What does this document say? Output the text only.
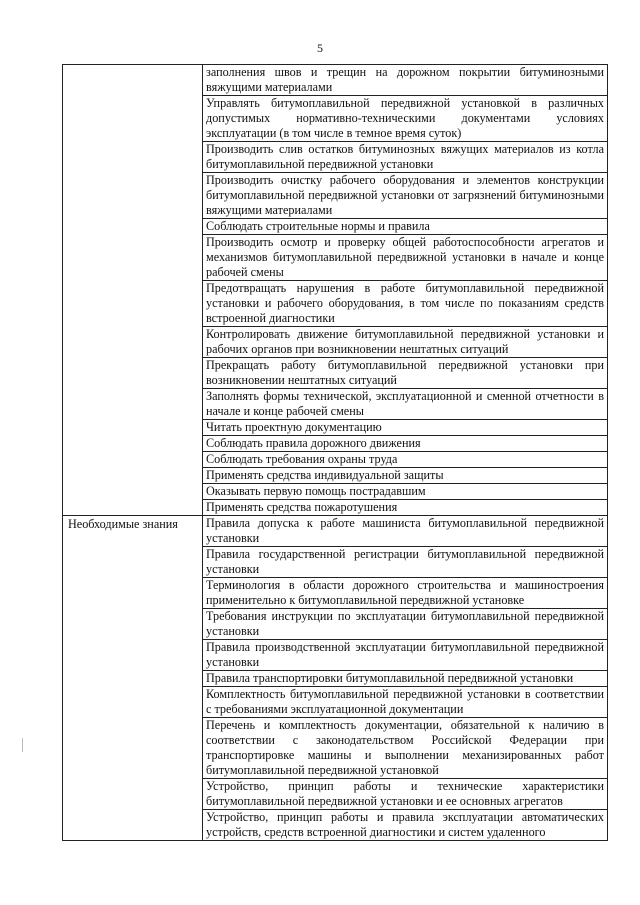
5
	заполнения швов и трещин на дорожном покрытии битуминозными вяжущими материалами
	Управлять битумоплавильной передвижной установкой в различных допустимых нормативно-техническими документами условиях эксплуатации (в том числе в темное время суток)
	Производить слив остатков битуминозных вяжущих материалов из котла битумоплавильной передвижной установки
	Производить очистку рабочего оборудования и элементов конструкции битумоплавильной передвижной установки от загрязнений битуминозными вяжущими материалами
	Соблюдать строительные нормы и правила
	Производить осмотр и проверку общей работоспособности агрегатов и механизмов битумоплавильной передвижной установки в начале и конце рабочей смены
	Предотвращать нарушения в работе битумоплавильной передвижной установки и рабочего оборудования, в том числе по показаниям средств встроенной диагностики
	Контролировать движение битумоплавильной передвижной установки и рабочих органов при возникновении нештатных ситуаций
	Прекращать работу битумоплавильной передвижной установки при возникновении нештатных ситуаций
	Заполнять формы технической, эксплуатационной и сменной отчетности в начале и конце рабочей смены
	Читать проектную документацию
	Соблюдать правила дорожного движения
	Соблюдать требования охраны труда
	Применять средства индивидуальной защиты
	Оказывать первую помощь пострадавшим
	Применять средства пожаротушения
Необходимые знания	Правила допуска к работе машиниста битумоплавильной передвижной установки
	Правила государственной регистрации битумоплавильной передвижной установки
	Терминология в области дорожного строительства и машиностроения применительно к битумоплавильной передвижной установке
	Требования инструкции по эксплуатации битумоплавильной передвижной установки
	Правила производственной эксплуатации битумоплавильной передвижной установки
	Правила транспортировки битумоплавильной передвижной установки
	Комплектность битумоплавильной передвижной установки в соответствии с требованиями эксплуатационной документации
	Перечень и комплектность документации, обязательной к наличию в соответствии с законодательством Российской Федерации при транспортировке машины и выполнении механизированных работ битумоплавильной передвижной установкой
	Устройство, принцип работы и технические характеристики битумоплавильной передвижной установки и ее основных агрегатов
	Устройство, принцип работы и правила эксплуатации автоматических устройств, средств встроенной диагностики и систем удаленного
